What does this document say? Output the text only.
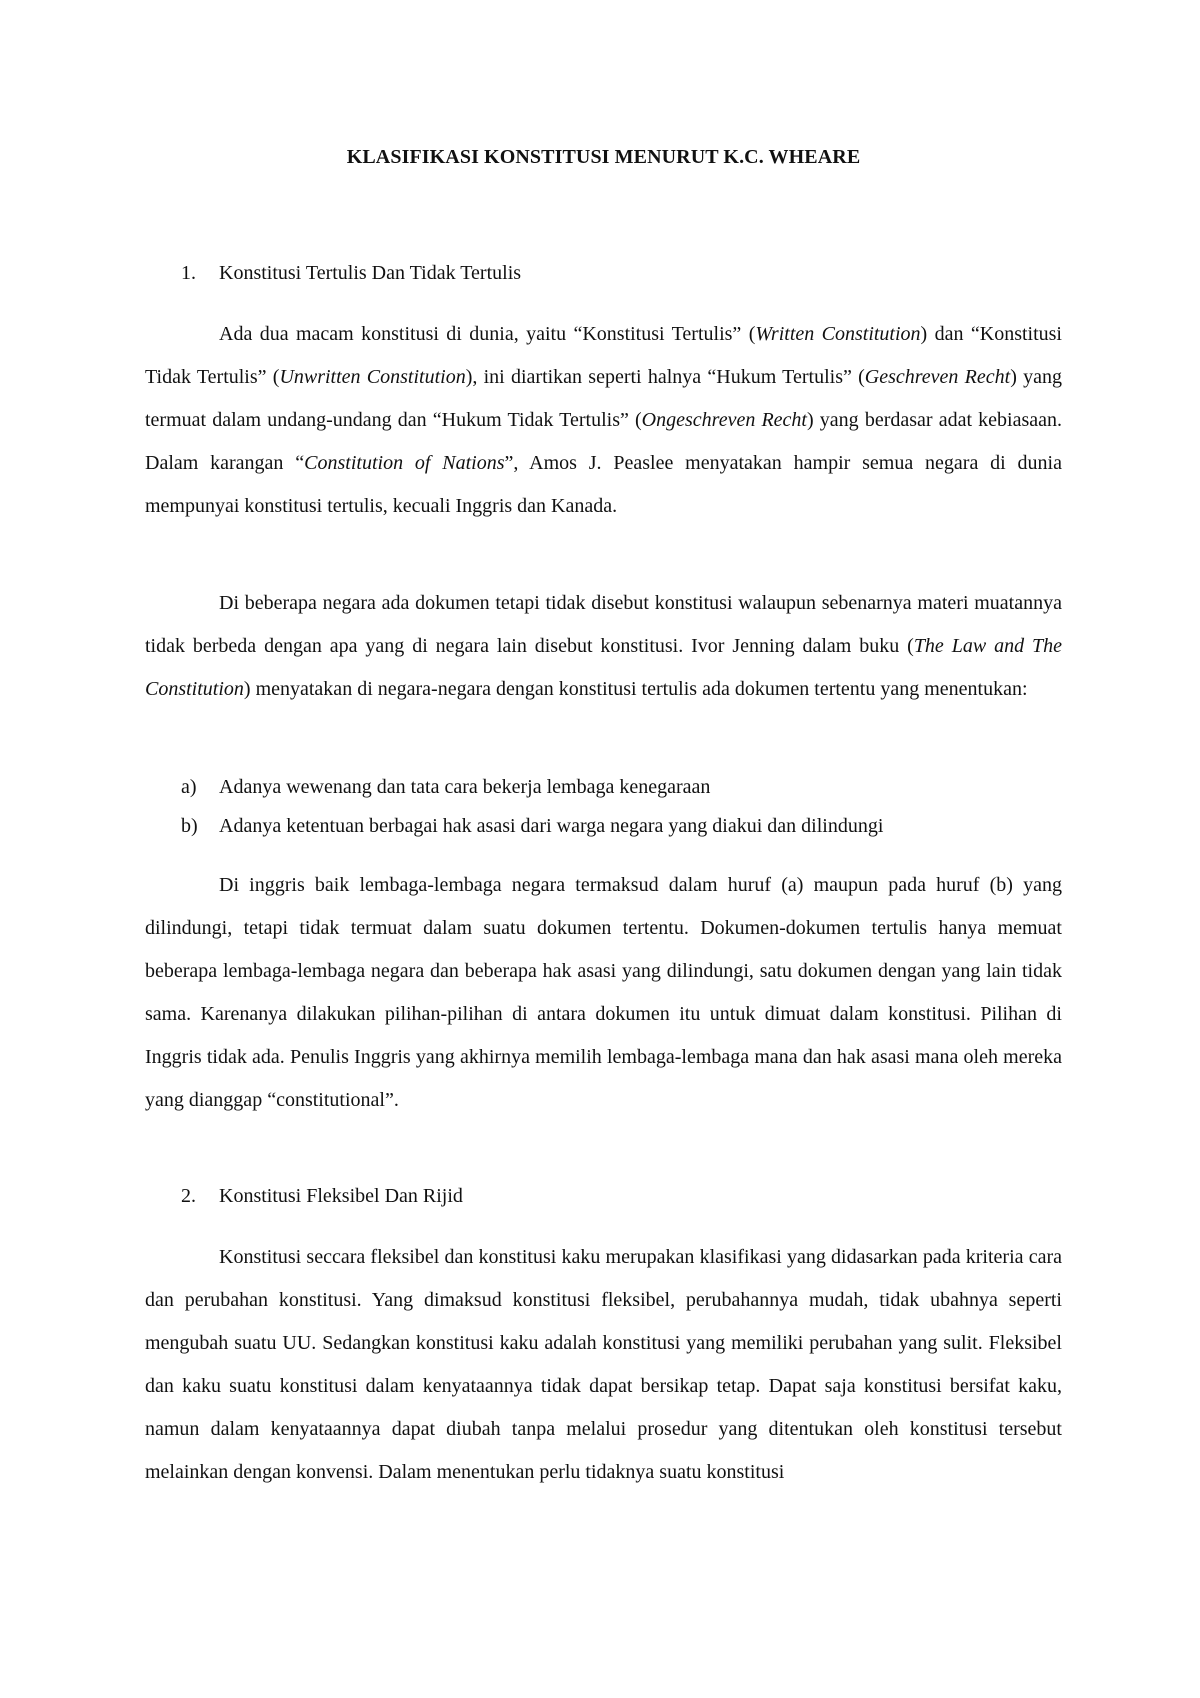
KLASIFIKASI KONSTITUSI MENURUT K.C. WHEARE

1. Konstitusi Tertulis Dan Tidak Tertulis

Ada dua macam konstitusi di dunia, yaitu “Konstitusi Tertulis” (Written Constitution) dan “Konstitusi Tidak Tertulis” (Unwritten Constitution), ini diartikan seperti halnya “Hukum Tertulis” (Geschreven Recht) yang termuat dalam undang-undang dan “Hukum Tidak Tertulis” (Ongeschreven Recht) yang berdasar adat kebiasaan. Dalam karangan “Constitution of Nations”, Amos J. Peaslee menyatakan hampir semua negara di dunia mempunyai konstitusi tertulis, kecuali Inggris dan Kanada.

Di beberapa negara ada dokumen tetapi tidak disebut konstitusi walaupun sebenarnya materi muatannya tidak berbeda dengan apa yang di negara lain disebut konstitusi. Ivor Jenning dalam buku (The Law and The Constitution) menyatakan di negara-negara dengan konstitusi tertulis ada dokumen tertentu yang menentukan:

a) Adanya wewenang dan tata cara bekerja lembaga kenegaraan

b) Adanya ketentuan berbagai hak asasi dari warga negara yang diakui dan dilindungi

Di inggris baik lembaga-lembaga negara termaksud dalam huruf (a) maupun pada huruf (b) yang dilindungi, tetapi tidak termuat dalam suatu dokumen tertentu. Dokumen-dokumen tertulis hanya memuat beberapa lembaga-lembaga negara dan beberapa hak asasi yang dilindungi, satu dokumen dengan yang lain tidak sama. Karenanya dilakukan pilihan-pilihan di antara dokumen itu untuk dimuat dalam konstitusi. Pilihan di Inggris tidak ada. Penulis Inggris yang akhirnya memilih lembaga-lembaga mana dan hak asasi mana oleh mereka yang dianggap “constitutional”.

2. Konstitusi Fleksibel Dan Rijid

Konstitusi seccara fleksibel dan konstitusi kaku merupakan klasifikasi yang didasarkan pada kriteria cara dan perubahan konstitusi. Yang dimaksud konstitusi fleksibel, perubahannya mudah, tidak ubahnya seperti mengubah suatu UU. Sedangkan konstitusi kaku adalah konstitusi yang memiliki perubahan yang sulit. Fleksibel dan kaku suatu konstitusi dalam kenyataannya tidak dapat bersikap tetap. Dapat saja konstitusi bersifat kaku, namun dalam kenyataannya dapat diubah tanpa melalui prosedur yang ditentukan oleh konstitusi tersebut melainkan dengan konvensi. Dalam menentukan perlu tidaknya suatu konstitusi
